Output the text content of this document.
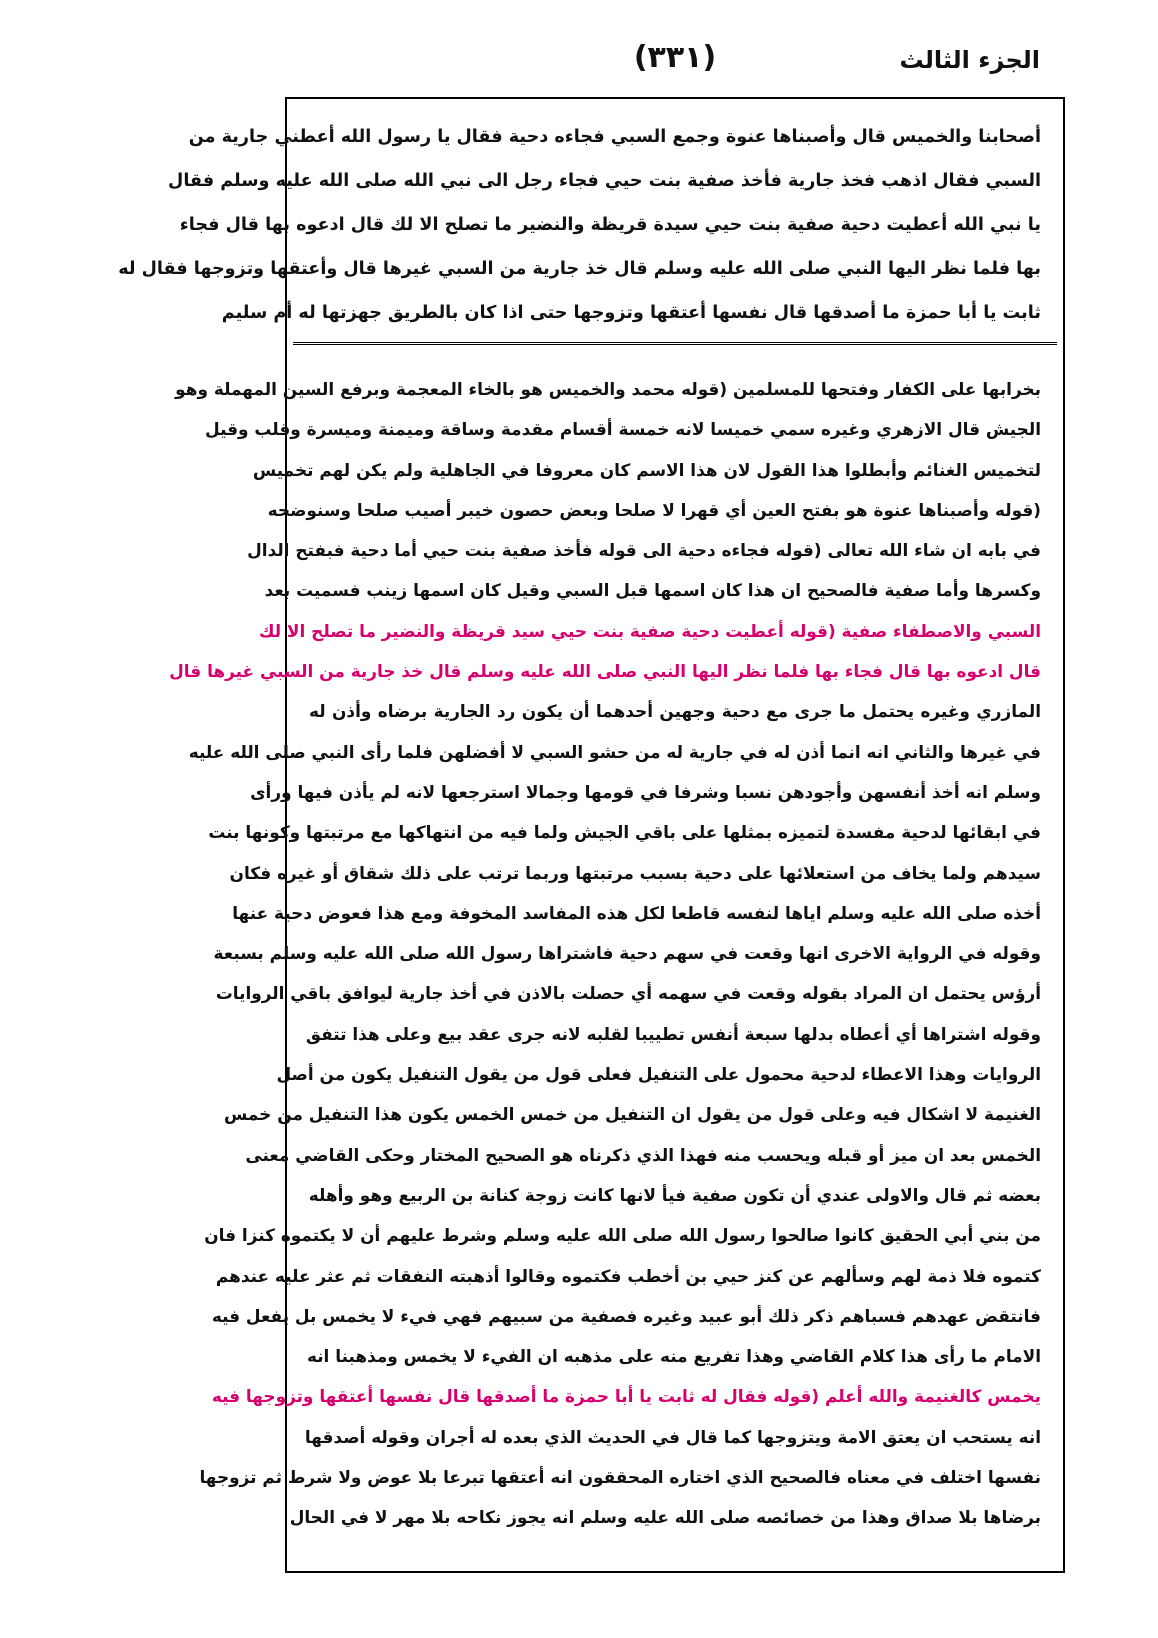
(٣٣١)	الجزء الثالث
أصحابنا والخميس قال وأصبناها عنوة وجمع السبي فجاءه دحية فقال يا رسول الله أعطني جارية من
السبي فقال اذهب فخذ جارية فأخذ صفية بنت حيي فجاء رجل الى نبي الله صلى الله عليه وسلم فقال
يا نبي الله أعطيت دحية صفية بنت حيي سيدة قريظة والنضير ما تصلح الا لك قال ادعوه بها قال فجاء
بها فلما نظر اليها النبي صلى الله عليه وسلم قال خذ جارية من السبي غيرها قال وأعتقها وتزوجها فقال له
ثابت يا أبا حمزة ما أصدقها قال نفسها أعتقها وتزوجها حتى اذا كان بالطريق جهزتها له أم سليم
بخرابها على الكفار وفتحها للمسلمين (قوله محمد والخميس هو بالخاء المعجمة وبرفع السين المهملة وهو
الجيش قال الازهري وغيره سمي خميسا لانه خمسة أقسام مقدمة وساقة وميمنة وميسرة وقلب وقيل
لتخميس الغنائم وأبطلوا هذا القول لان هذا الاسم كان معروفا في الجاهلية ولم يكن لهم تخميس
(قوله وأصبناها عنوة هو بفتح العين أي قهرا لا صلحا وبعض حصون خيبر أصيب صلحا وسنوضحه
في بابه ان شاء الله تعالى (قوله فجاءه دحية الى قوله فأخذ صفية بنت حيي أما دحية فبفتح الدال
وكسرها وأما صفية فالصحيح ان هذا كان اسمها قبل السبي وقيل كان اسمها زينب فسميت بعد
السبي والاصطفاء صفية (قوله أعطيت دحية صفية بنت حيي سيد قريظة والنضير ما تصلح الا لك
قال ادعوه بها قال فجاء بها فلما نظر اليها النبي صلى الله عليه وسلم قال خذ جارية من السبي غيرها قال
المازري وغيره يحتمل ما جرى مع دحية وجهين أحدهما أن يكون رد الجارية برضاه وأذن له
في غيرها والثاني انه انما أذن له في جارية له من حشو السبي لا أفضلهن فلما رأى النبي صلى الله عليه
وسلم انه أخذ أنفسهن وأجودهن نسبا وشرفا في قومها وجمالا استرجعها لانه لم يأذن فيها ورأى
في ابقائها لدحية مفسدة لتميزه بمثلها على باقي الجيش ولما فيه من انتهاكها مع مرتبتها وكونها بنت
سيدهم ولما يخاف من استعلائها على دحية بسبب مرتبتها وربما ترتب على ذلك شقاق أو غيره فكان
أخذه صلى الله عليه وسلم اياها لنفسه قاطعا لكل هذه المفاسد المخوفة ومع هذا فعوض دحية عنها
وقوله في الرواية الاخرى انها وقعت في سهم دحية فاشتراها رسول الله صلى الله عليه وسلم بسبعة
أرؤس يحتمل ان المراد بقوله وقعت في سهمه أي حصلت بالاذن في أخذ جارية ليوافق باقي الروايات
وقوله اشتراها أي أعطاه بدلها سبعة أنفس تطييبا لقلبه لانه جرى عقد بيع وعلى هذا تتفق
الروايات وهذا الاعطاء لدحية محمول على التنفيل فعلى قول من يقول التنفيل يكون من أصل
الغنيمة لا اشكال فيه وعلى قول من يقول ان التنفيل من خمس الخمس يكون هذا التنفيل من خمس
الخمس بعد ان ميز أو قبله ويحسب منه فهذا الذي ذكرناه هو الصحيح المختار وحكى القاضي معنى
بعضه ثم قال والاولى عندي أن تكون صفية فيأ لانها كانت زوجة كنانة بن الربيع وهو وأهله
من بني أبي الحقيق كانوا صالحوا رسول الله صلى الله عليه وسلم وشرط عليهم أن لا يكتموه كنزا فان
كتموه فلا ذمة لهم وسألهم عن كنز حيي بن أخطب فكتموه وقالوا أذهبته النفقات ثم عثر عليه عندهم
فانتقض عهدهم فسباهم ذكر ذلك أبو عبيد وغيره فصفية من سبيهم فهي فيء لا يخمس بل يفعل فيه
الامام ما رأى هذا كلام القاضي وهذا تفريع منه على مذهبه ان الفيء لا يخمس ومذهبنا انه
يخمس كالغنيمة والله أعلم (قوله فقال له ثابت يا أبا حمزة ما أصدقها قال نفسها أعتقها وتزوجها فيه
انه يستحب ان يعتق الامة ويتزوجها كما قال في الحديث الذي بعده له أجران وقوله أصدقها
نفسها اختلف في معناه فالصحيح الذي اختاره المحققون انه أعتقها تبرعا بلا عوض ولا شرط ثم تزوجها
برضاها بلا صداق وهذا من خصائصه صلى الله عليه وسلم انه يجوز نكاحه بلا مهر لا في الحال
